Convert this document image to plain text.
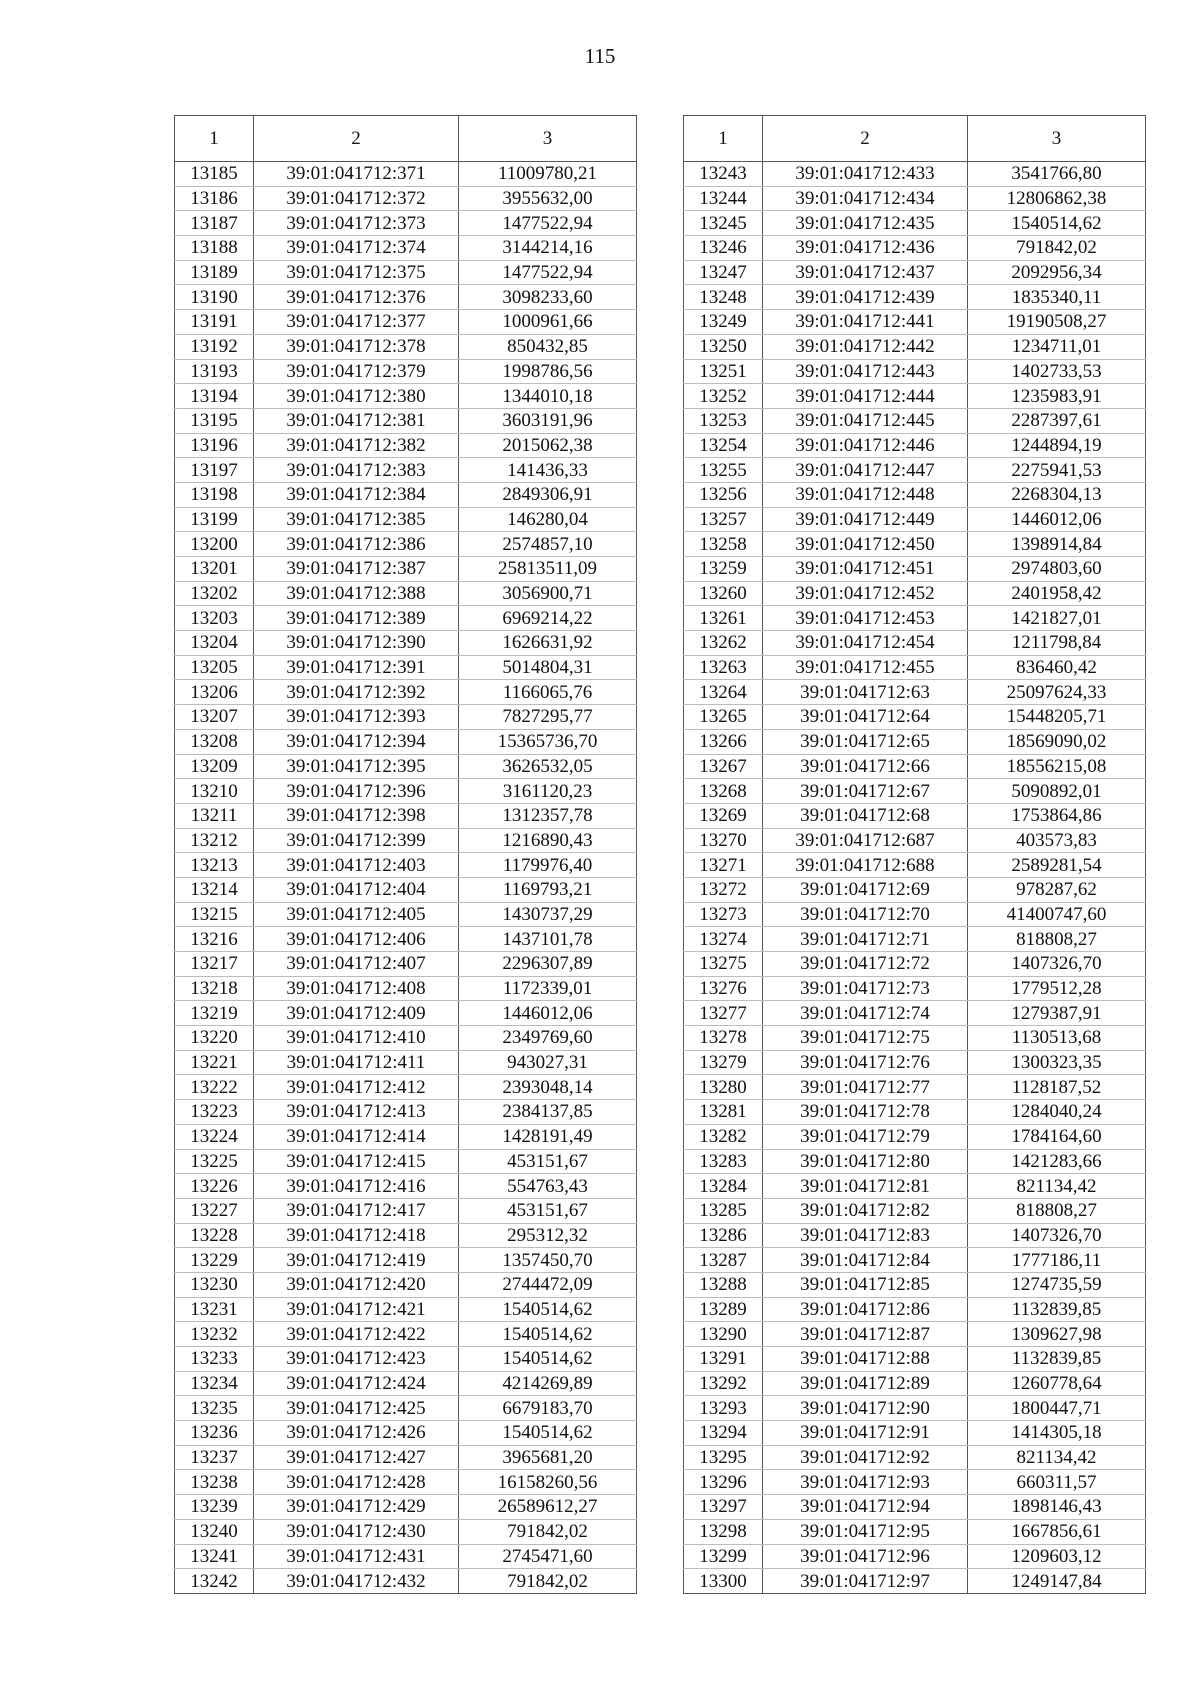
115
1	2	3
13185	39:01:041712:371	11009780,21
13186	39:01:041712:372	3955632,00
13187	39:01:041712:373	1477522,94
13188	39:01:041712:374	3144214,16
13189	39:01:041712:375	1477522,94
13190	39:01:041712:376	3098233,60
13191	39:01:041712:377	1000961,66
13192	39:01:041712:378	850432,85
13193	39:01:041712:379	1998786,56
13194	39:01:041712:380	1344010,18
13195	39:01:041712:381	3603191,96
13196	39:01:041712:382	2015062,38
13197	39:01:041712:383	141436,33
13198	39:01:041712:384	2849306,91
13199	39:01:041712:385	146280,04
13200	39:01:041712:386	2574857,10
13201	39:01:041712:387	25813511,09
13202	39:01:041712:388	3056900,71
13203	39:01:041712:389	6969214,22
13204	39:01:041712:390	1626631,92
13205	39:01:041712:391	5014804,31
13206	39:01:041712:392	1166065,76
13207	39:01:041712:393	7827295,77
13208	39:01:041712:394	15365736,70
13209	39:01:041712:395	3626532,05
13210	39:01:041712:396	3161120,23
13211	39:01:041712:398	1312357,78
13212	39:01:041712:399	1216890,43
13213	39:01:041712:403	1179976,40
13214	39:01:041712:404	1169793,21
13215	39:01:041712:405	1430737,29
13216	39:01:041712:406	1437101,78
13217	39:01:041712:407	2296307,89
13218	39:01:041712:408	1172339,01
13219	39:01:041712:409	1446012,06
13220	39:01:041712:410	2349769,60
13221	39:01:041712:411	943027,31
13222	39:01:041712:412	2393048,14
13223	39:01:041712:413	2384137,85
13224	39:01:041712:414	1428191,49
13225	39:01:041712:415	453151,67
13226	39:01:041712:416	554763,43
13227	39:01:041712:417	453151,67
13228	39:01:041712:418	295312,32
13229	39:01:041712:419	1357450,70
13230	39:01:041712:420	2744472,09
13231	39:01:041712:421	1540514,62
13232	39:01:041712:422	1540514,62
13233	39:01:041712:423	1540514,62
13234	39:01:041712:424	4214269,89
13235	39:01:041712:425	6679183,70
13236	39:01:041712:426	1540514,62
13237	39:01:041712:427	3965681,20
13238	39:01:041712:428	16158260,56
13239	39:01:041712:429	26589612,27
13240	39:01:041712:430	791842,02
13241	39:01:041712:431	2745471,60
13242	39:01:041712:432	791842,02
1	2	3
13243	39:01:041712:433	3541766,80
13244	39:01:041712:434	12806862,38
13245	39:01:041712:435	1540514,62
13246	39:01:041712:436	791842,02
13247	39:01:041712:437	2092956,34
13248	39:01:041712:439	1835340,11
13249	39:01:041712:441	19190508,27
13250	39:01:041712:442	1234711,01
13251	39:01:041712:443	1402733,53
13252	39:01:041712:444	1235983,91
13253	39:01:041712:445	2287397,61
13254	39:01:041712:446	1244894,19
13255	39:01:041712:447	2275941,53
13256	39:01:041712:448	2268304,13
13257	39:01:041712:449	1446012,06
13258	39:01:041712:450	1398914,84
13259	39:01:041712:451	2974803,60
13260	39:01:041712:452	2401958,42
13261	39:01:041712:453	1421827,01
13262	39:01:041712:454	1211798,84
13263	39:01:041712:455	836460,42
13264	39:01:041712:63	25097624,33
13265	39:01:041712:64	15448205,71
13266	39:01:041712:65	18569090,02
13267	39:01:041712:66	18556215,08
13268	39:01:041712:67	5090892,01
13269	39:01:041712:68	1753864,86
13270	39:01:041712:687	403573,83
13271	39:01:041712:688	2589281,54
13272	39:01:041712:69	978287,62
13273	39:01:041712:70	41400747,60
13274	39:01:041712:71	818808,27
13275	39:01:041712:72	1407326,70
13276	39:01:041712:73	1779512,28
13277	39:01:041712:74	1279387,91
13278	39:01:041712:75	1130513,68
13279	39:01:041712:76	1300323,35
13280	39:01:041712:77	1128187,52
13281	39:01:041712:78	1284040,24
13282	39:01:041712:79	1784164,60
13283	39:01:041712:80	1421283,66
13284	39:01:041712:81	821134,42
13285	39:01:041712:82	818808,27
13286	39:01:041712:83	1407326,70
13287	39:01:041712:84	1777186,11
13288	39:01:041712:85	1274735,59
13289	39:01:041712:86	1132839,85
13290	39:01:041712:87	1309627,98
13291	39:01:041712:88	1132839,85
13292	39:01:041712:89	1260778,64
13293	39:01:041712:90	1800447,71
13294	39:01:041712:91	1414305,18
13295	39:01:041712:92	821134,42
13296	39:01:041712:93	660311,57
13297	39:01:041712:94	1898146,43
13298	39:01:041712:95	1667856,61
13299	39:01:041712:96	1209603,12
13300	39:01:041712:97	1249147,84
